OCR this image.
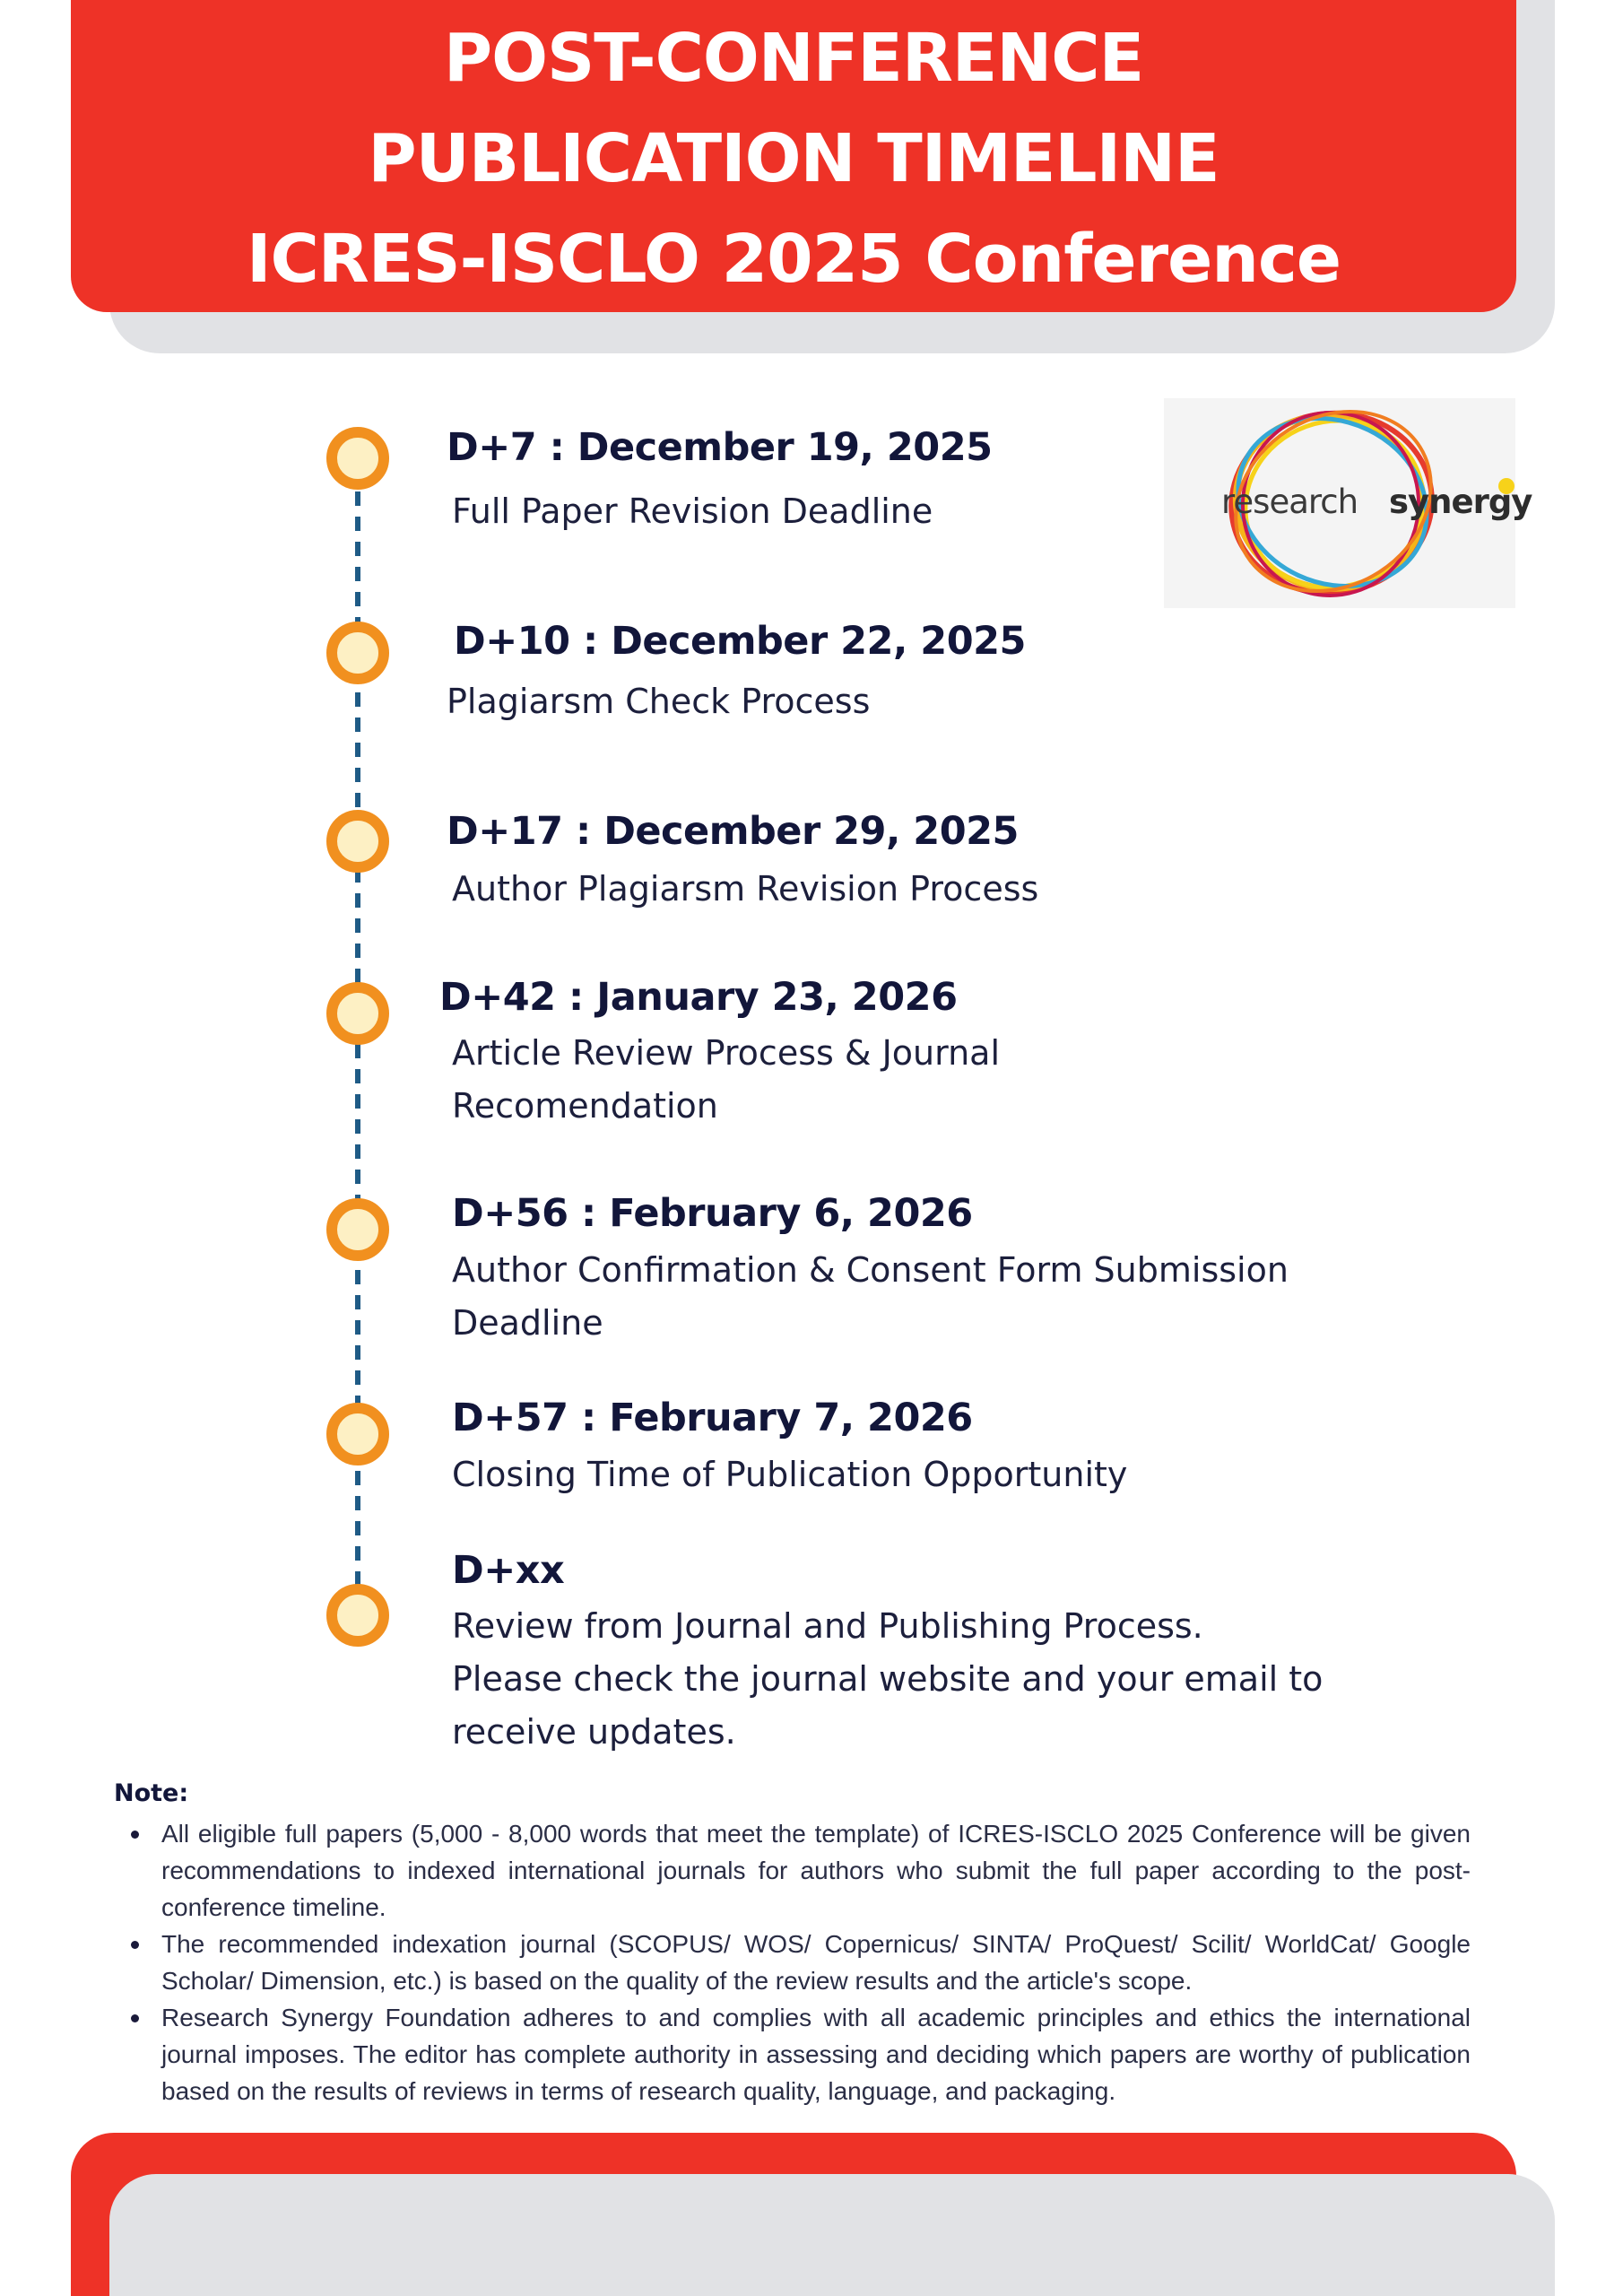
POST-CONFERENCE
PUBLICATION TIMELINE
ICRES-ISCLO 2025 Conference
research synergy
D+7 : December 19, 2025
Full Paper Revision Deadline
D+10 : December 22, 2025
Plagiarsm Check Process
D+17 : December 29, 2025
Author Plagiarsm Revision Process
D+42 : January 23, 2026
Article Review Process & Journal
Recomendation
D+56 : February 6, 2026
Author Confirmation & Consent Form Submission
Deadline
D+57 : February 7, 2026
Closing Time of Publication Opportunity
D+xx
Review from Journal and Publishing Process.
Please check the journal website and your email to
receive updates.
Note:
All eligible full papers (5,000 - 8,000 words that meet the template) of ICRES-ISCLO 2025 Conference will be given recommendations to indexed international journals for authors who submit the full paper according to the post-conference timeline.
The recommended indexation journal (SCOPUS/ WOS/ Copernicus/ SINTA/ ProQuest/ Scilit/ WorldCat/ Google Scholar/ Dimension, etc.) is based on the quality of the review results and the article's scope.
Research Synergy Foundation adheres to and complies with all academic principles and ethics the international journal imposes. The editor has complete authority in assessing and deciding which papers are worthy of publication based on the results of reviews in terms of research quality, language, and packaging.
